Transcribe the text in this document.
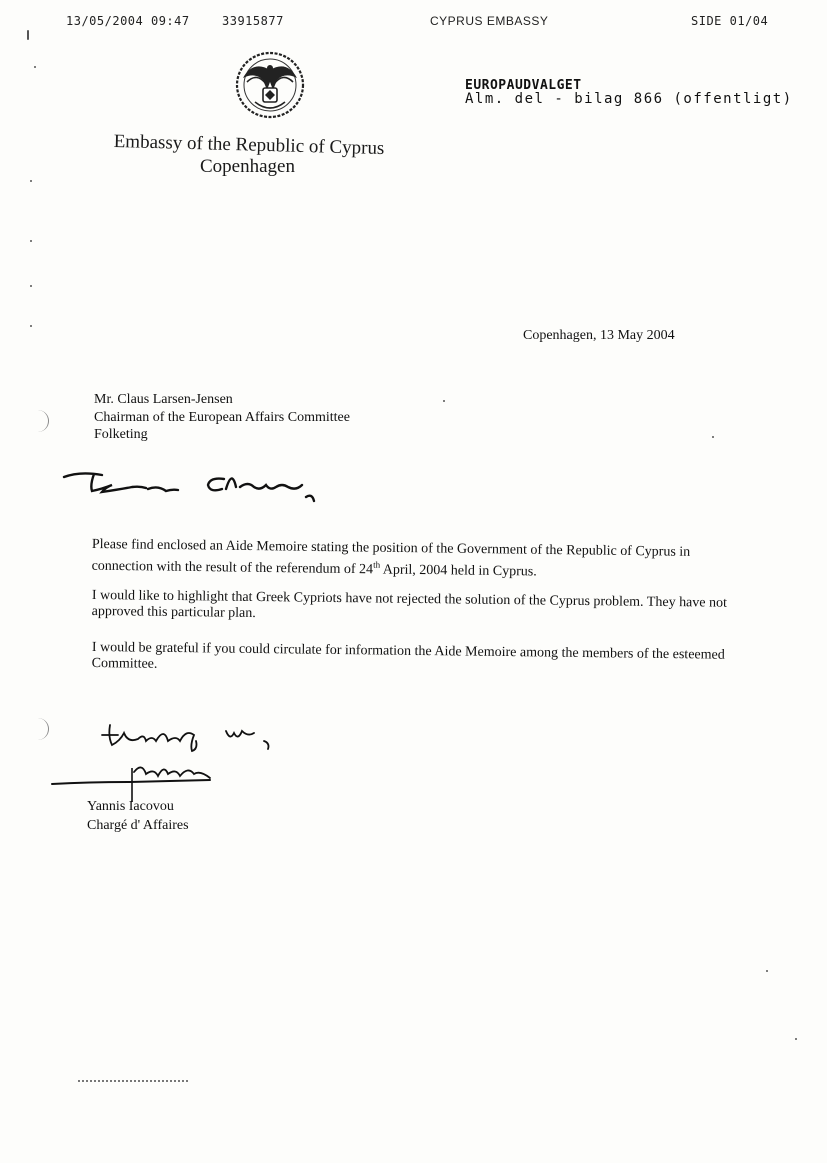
13/05/2004 09:47	33915877	CYPRUS EMBASSY	SIDE 01/04
EUROPAUDVALGET
Alm. del - bilag 866 (offentligt)
Embassy of the Republic of Cyprus
Copenhagen
Copenhagen, 13 May 2004
Mr. Claus Larsen-Jensen
Chairman of the European Affairs Committee
Folketing
Please find enclosed an Aide Memoire stating the position of the Government of the Republic of Cyprus in connection with the result of the referendum of 24th April, 2004 held in Cyprus.
I would like to highlight that Greek Cypriots have not rejected the solution of the Cyprus problem. They have not approved this particular plan.
I would be grateful if you could circulate for information the Aide Memoire among the members of the esteemed Committee.
Yannis Iacovou
Chargé d' Affaires
